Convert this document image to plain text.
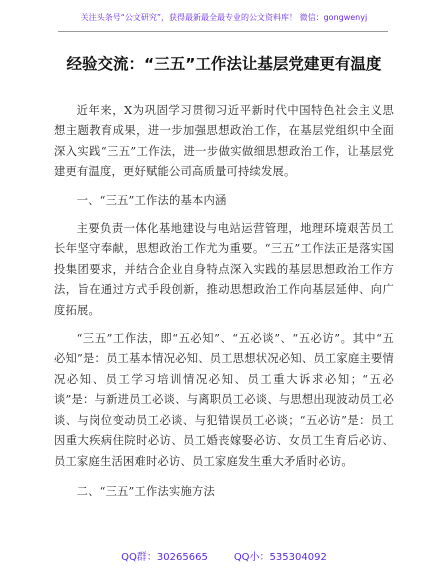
关注头条号“公文研究”，获得最新最全最专业的公文资料库！ 微信：gongwenyj
经验交流：“三五”工作法让基层党建更有温度

近年来，X为巩固学习贯彻习近平新时代中国特色社会主义思想主题教育成果，进一步加强思想政治工作，在基层党组织中全面深入实践“三五”工作法，进一步做实做细思想政治工作，让基层党建更有温度，更好赋能公司高质量可持续发展。

一、“三五”工作法的基本内涵

主要负责一体化基地建设与电站运营管理，地理环境艰苦员工长年坚守奉献，思想政治工作尤为重要。“三五”工作法正是落实国投集团要求，并结合企业自身特点深入实践的基层思想政治工作方法，旨在通过方式手段创新，推动思想政治工作向基层延伸、向广度拓展。

“三五”工作法，即“五必知”、“五必谈”、“五必访”。其中“五必知”是：员工基本情况必知、员工思想状况必知、员工家庭主要情况必知、员工学习培训情况必知、员工重大诉求必知；“五必谈”是：与新进员工必谈、与离职员工必谈、与思想出现波动员工必谈、与岗位变动员工必谈、与犯错误员工必谈；“五必访”是：员工因重大疾病住院时必访、员工婚丧嫁娶必访、女员工生育后必访、员工家庭生活困难时必访、员工家庭发生重大矛盾时必访。

二、“三五”工作法实施方法

QQ群：30265665	QQ小：535304092
